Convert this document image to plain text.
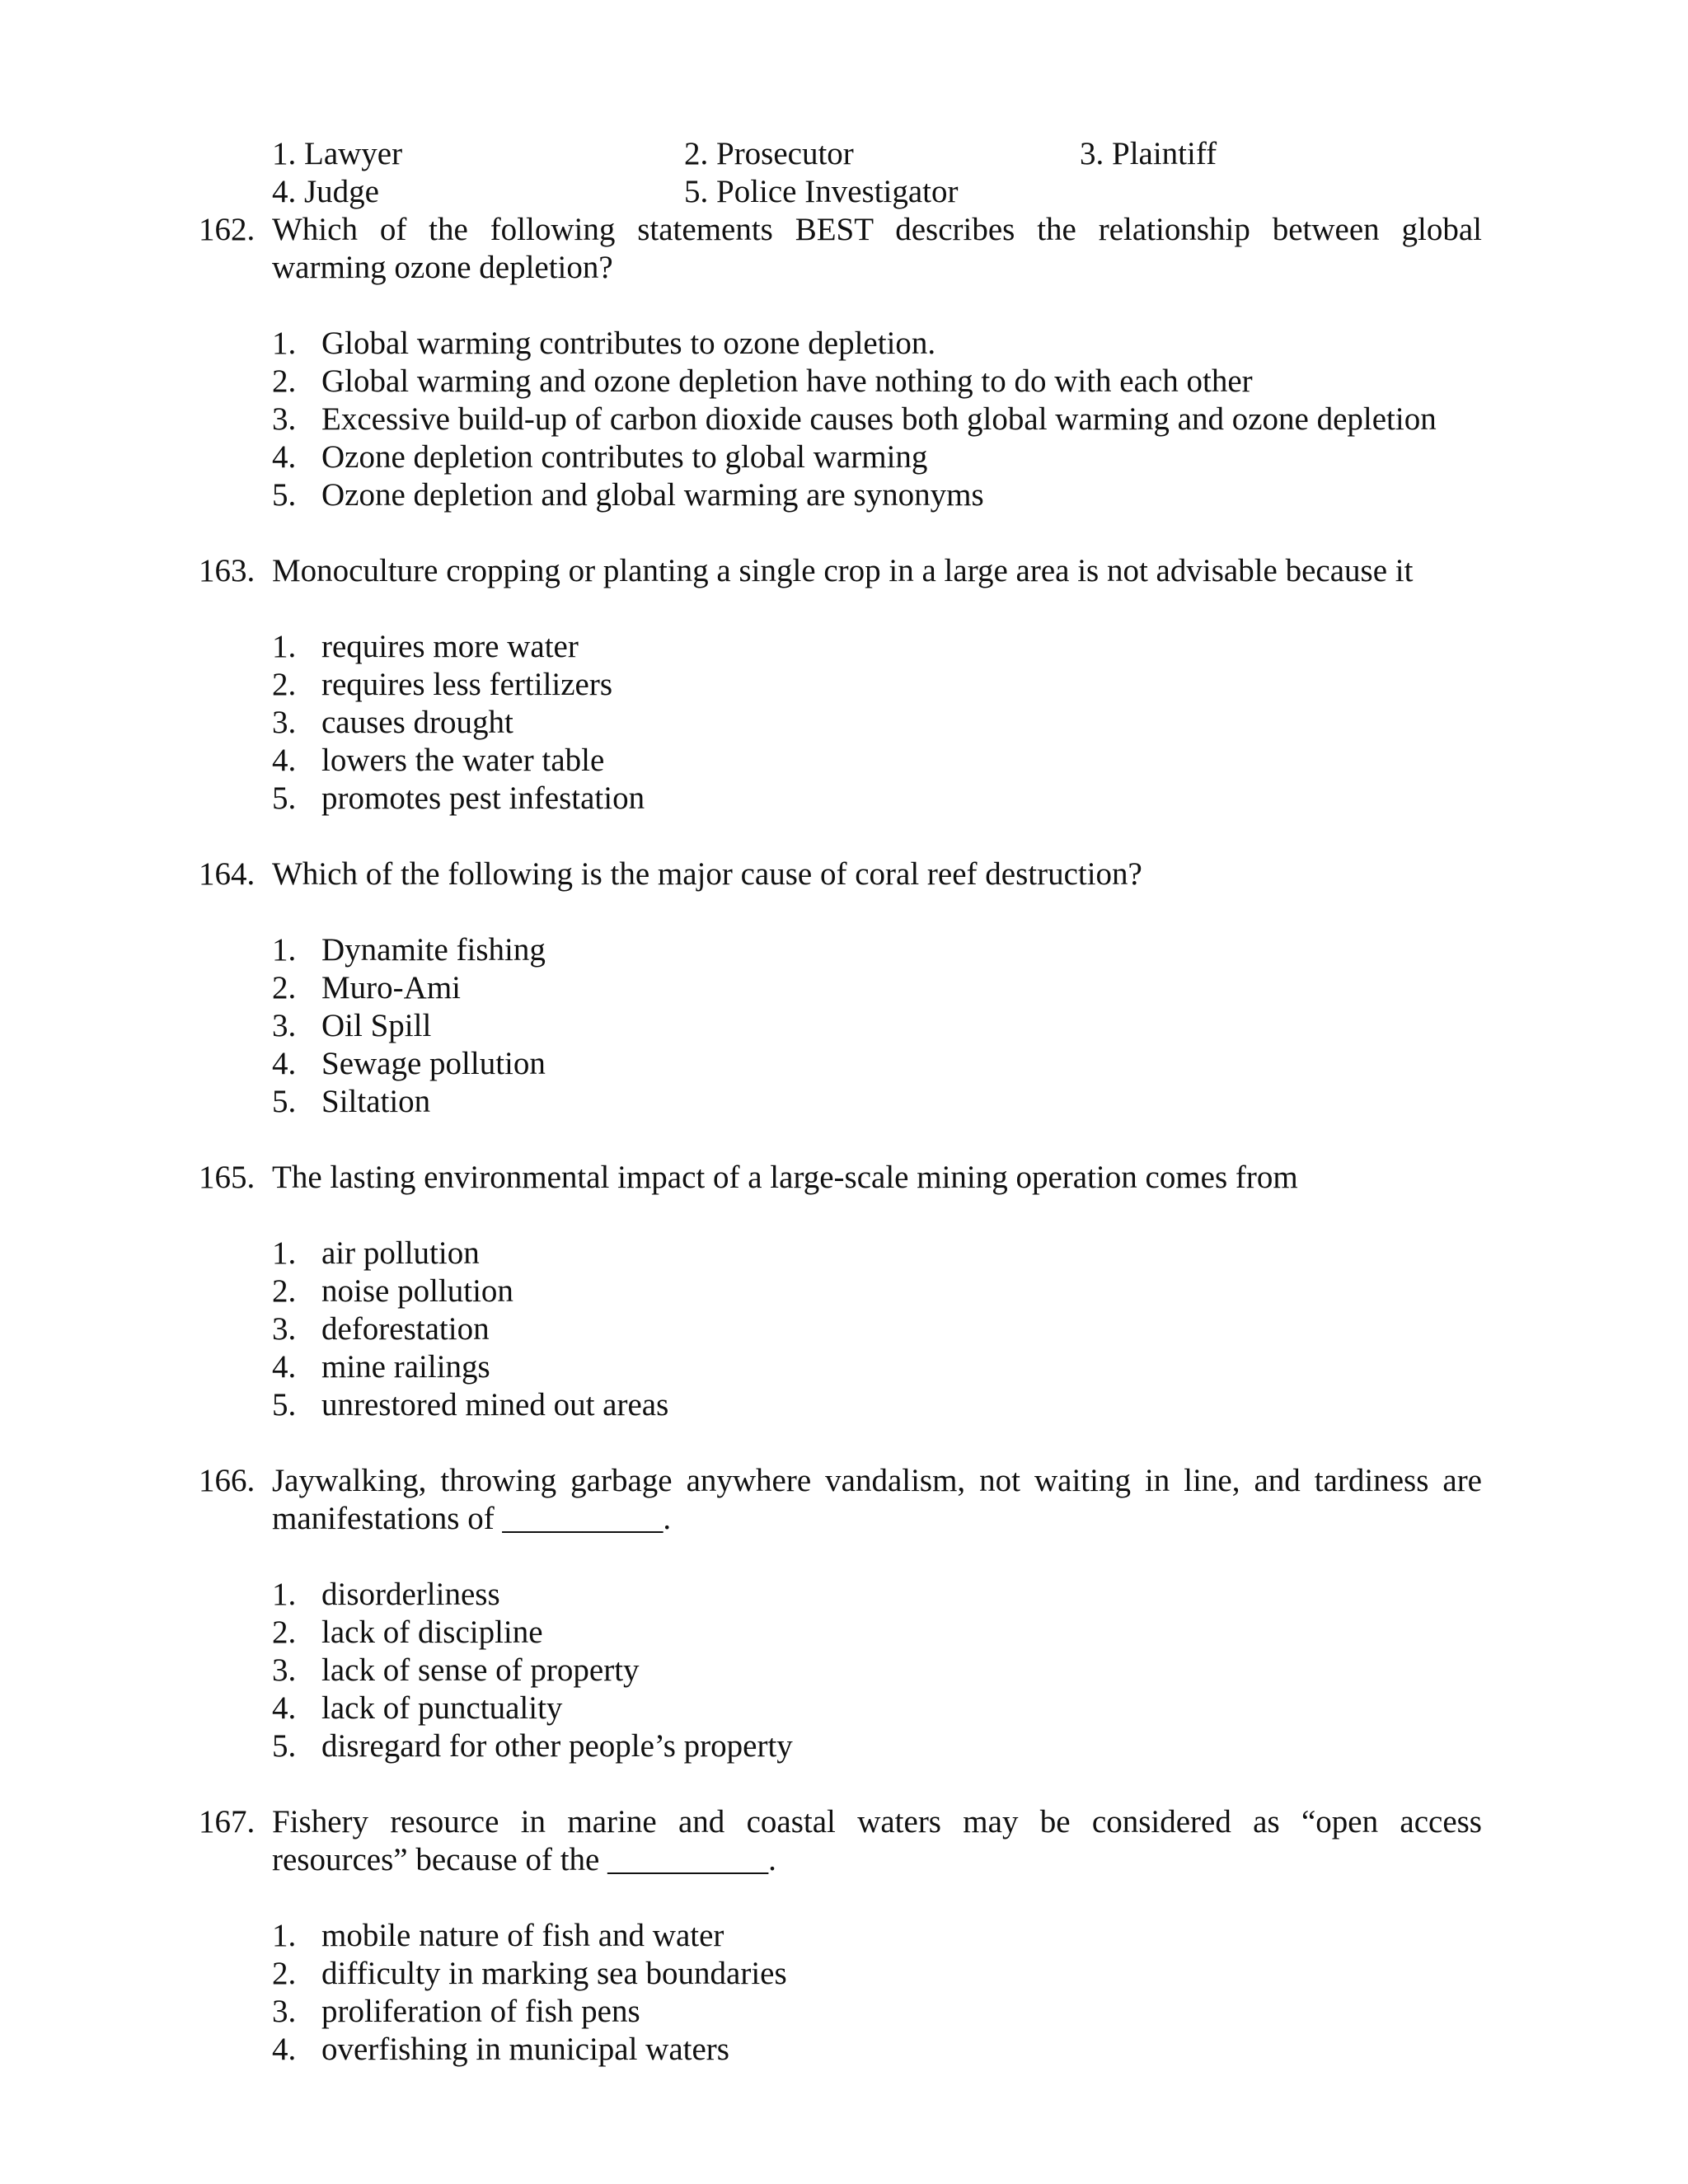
1. Lawyer	2. Prosecutor	3. Plaintiff
4. Judge	5. Police Investigator
162. Which of the following statements BEST describes the relationship between global
warming ozone depletion?
1. Global warming contributes to ozone depletion.
2. Global warming and ozone depletion have nothing to do with each other
3. Excessive build-up of carbon dioxide causes both global warming and ozone depletion
4. Ozone depletion contributes to global warming
5. Ozone depletion and global warming are synonyms
163. Monoculture cropping or planting a single crop in a large area is not advisable because it
1. requires more water
2. requires less fertilizers
3. causes drought
4. lowers the water table
5. promotes pest infestation
164. Which of the following is the major cause of coral reef destruction?
1. Dynamite fishing
2. Muro-Ami
3. Oil Spill
4. Sewage pollution
5. Siltation
165. The lasting environmental impact of a large-scale mining operation comes from
1. air pollution
2. noise pollution
3. deforestation
4. mine railings
5. unrestored mined out areas
166. Jaywalking, throwing garbage anywhere vandalism, not waiting in line, and tardiness are
manifestations of __________.
1. disorderliness
2. lack of discipline
3. lack of sense of property
4. lack of punctuality
5. disregard for other people’s property
167. Fishery resource in marine and coastal waters may be considered as “open access
resources” because of the __________.
1. mobile nature of fish and water
2. difficulty in marking sea boundaries
3. proliferation of fish pens
4. overfishing in municipal waters
